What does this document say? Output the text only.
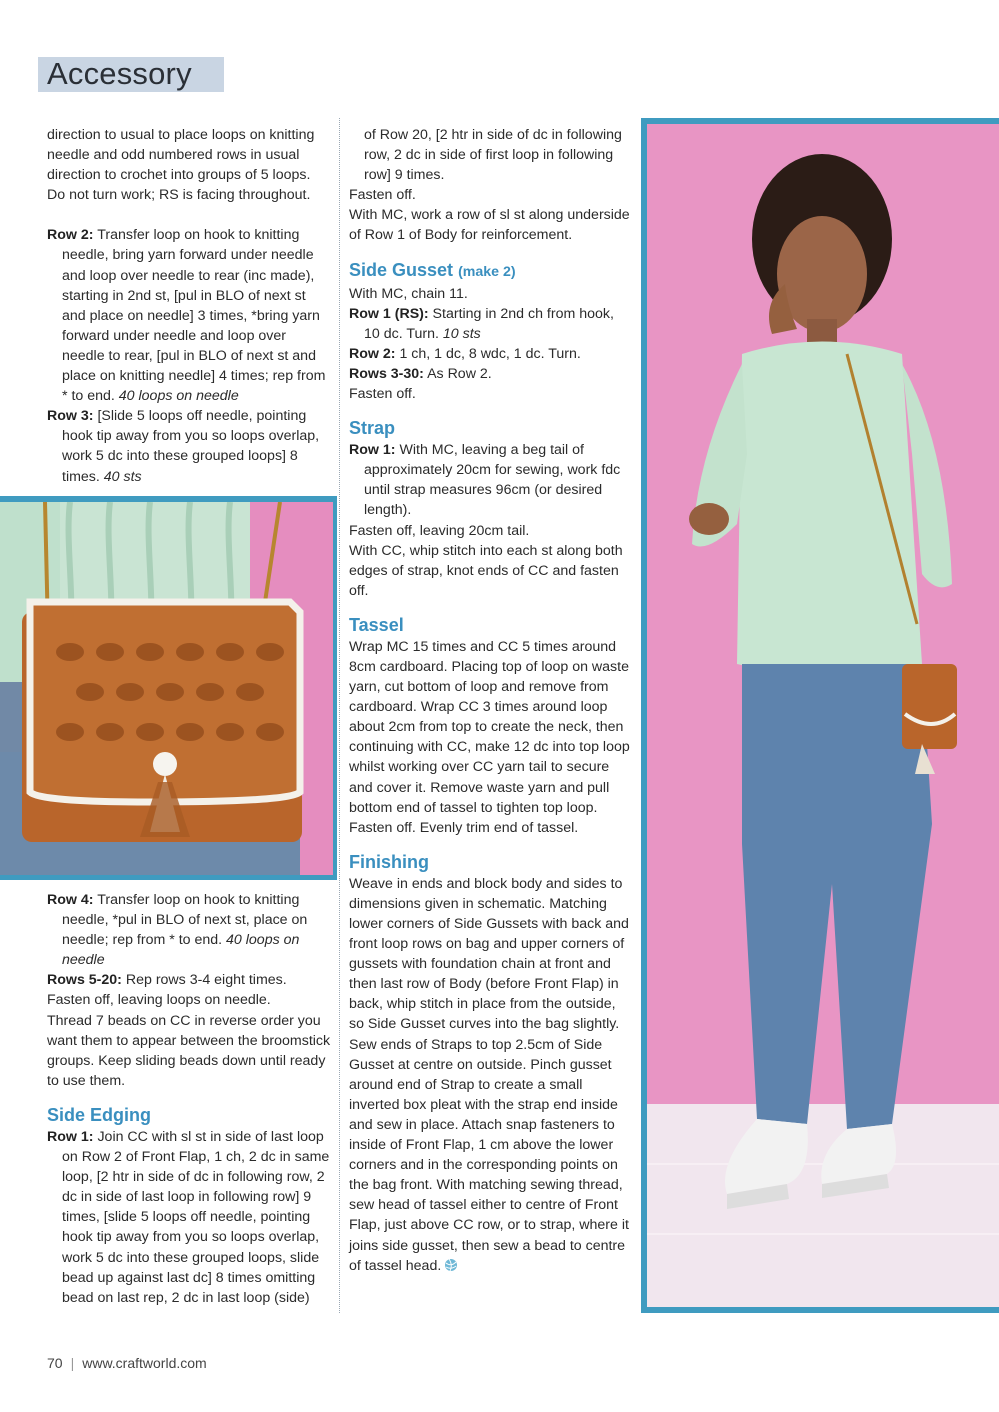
Accessory

direction to usual to place loops on knitting needle and odd numbered rows in usual direction to crochet into groups of 5 loops. Do not turn work; RS is facing throughout.

Row 2: Transfer loop on hook to knitting needle, bring yarn forward under needle and loop over needle to rear (inc made), starting in 2nd st, [pul in BLO of next st and place on needle] 3 times, *bring yarn forward under needle and loop over needle to rear, [pul in BLO of next st and place on knitting needle] 4 times; rep from * to end. 40 loops on needle

Row 3: [Slide 5 loops off needle, pointing hook tip away from you so loops overlap, work 5 dc into these grouped loops] 8 times. 40 sts

Row 4: Transfer loop on hook to knitting needle, *pul in BLO of next st, place on needle; rep from * to end. 40 loops on needle

Rows 5-20: Rep rows 3-4 eight times.

Fasten off, leaving loops on needle.

Thread 7 beads on CC in reverse order you want them to appear between the broomstick groups. Keep sliding beads down until ready to use them.

Side Edging

Row 1: Join CC with sl st in side of last loop on Row 2 of Front Flap, 1 ch, 2 dc in same loop, [2 htr in side of dc in following row, 2 dc in side of last loop in following row] 9 times, [slide 5 loops off needle, pointing hook tip away from you so loops overlap, work 5 dc into these grouped loops, slide bead up against last dc] 8 times omitting bead on last rep, 2 dc in last loop (side)

of Row 20, [2 htr in side of dc in following row, 2 dc in side of first loop in following row] 9 times.

Fasten off.

With MC, work a row of sl st along underside of Row 1 of Body for reinforcement.

Side Gusset (make 2)

With MC, chain 11.

Row 1 (RS): Starting in 2nd ch from hook, 10 dc. Turn. 10 sts

Row 2: 1 ch, 1 dc, 8 wdc, 1 dc. Turn.

Rows 3-30: As Row 2.

Fasten off.

Strap

Row 1: With MC, leaving a beg tail of approximately 20cm for sewing, work fdc until strap measures 96cm (or desired length).

Fasten off, leaving 20cm tail.

With CC, whip stitch into each st along both edges of strap, knot ends of CC and fasten off.

Tassel

Wrap MC 15 times and CC 5 times around 8cm cardboard. Placing top of loop on waste yarn, cut bottom of loop and remove from cardboard. Wrap CC 3 times around loop about 2cm from top to create the neck, then continuing with CC, make 12 dc into top loop whilst working over CC yarn tail to secure and cover it. Remove waste yarn and pull bottom end of tassel to tighten top loop. Fasten off. Evenly trim end of tassel.

Finishing

Weave in ends and block body and sides to dimensions given in schematic. Matching lower corners of Side Gussets with back and front loop rows on bag and upper corners of gussets with foundation chain at front and then last row of Body (before Front Flap) in back, whip stitch in place from the outside, so Side Gusset curves into the bag slightly. Sew ends of Straps to top 2.5cm of Side Gusset at centre on outside. Pinch gusset around end of Strap to create a small inverted box pleat with the strap end inside and sew in place. Attach snap fasteners to inside of Front Flap, 1 cm above the lower corners and in the corresponding points on the bag front. With matching sewing thread, sew head of tassel either to centre of Front Flap, just above CC row, or to strap, where it joins side gusset, then sew a bead to centre of tassel head.

70 | www.craftworld.com
